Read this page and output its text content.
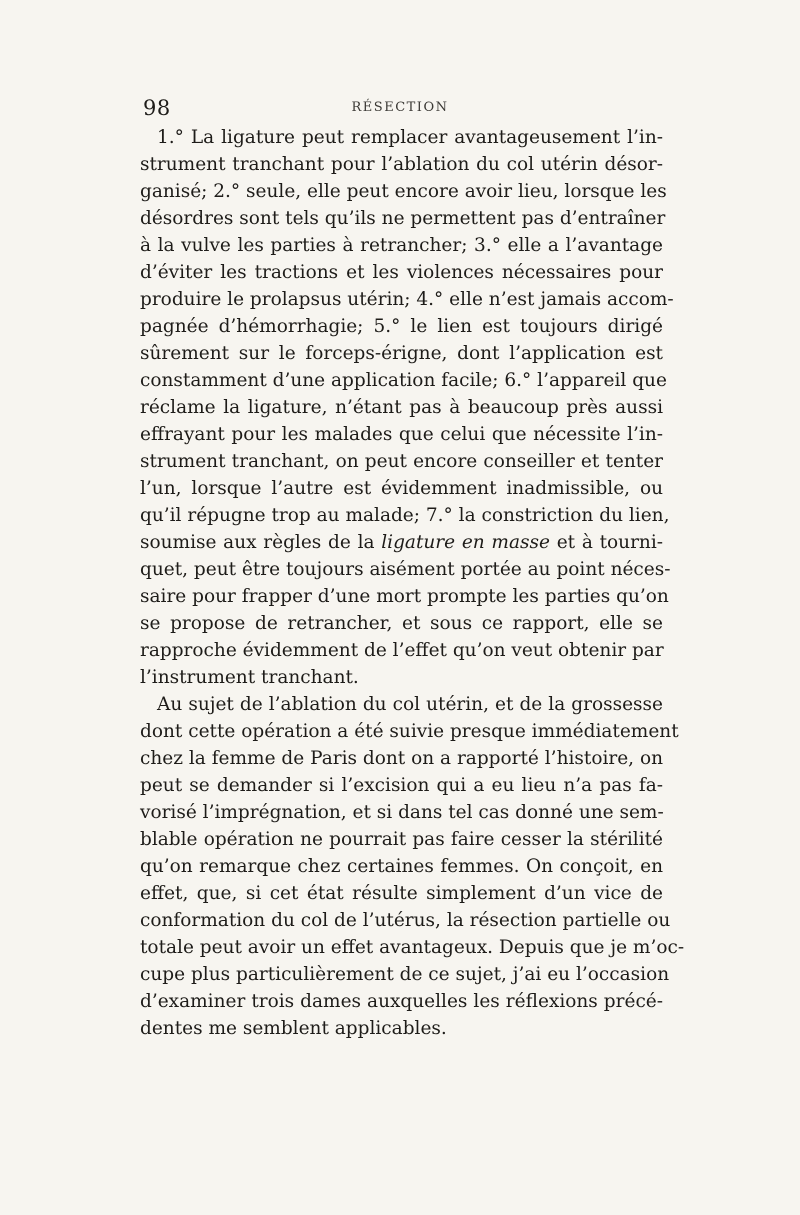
98	RÉSECTION
1.° La ligature peut remplacer avantageusement l’in-
strument tranchant pour l’ablation du col utérin désor-
ganisé; 2.° seule, elle peut encore avoir lieu, lorsque les
désordres sont tels qu’ils ne permettent pas d’entraîner
à la vulve les parties à retrancher; 3.° elle a l’avantage
d’éviter les tractions et les violences nécessaires pour
produire le prolapsus utérin; 4.° elle n’est jamais accom-
pagnée d’hémorrhagie; 5.° le lien est toujours dirigé
sûrement sur le forceps-érigne, dont l’application est
constamment d’une application facile; 6.° l’appareil que
réclame la ligature, n’étant pas à beaucoup près aussi
effrayant pour les malades que celui que nécessite l’in-
strument tranchant, on peut encore conseiller et tenter
l’un, lorsque l’autre est évidemment inadmissible, ou
qu’il répugne trop au malade; 7.° la constriction du lien,
soumise aux règles de la ligature en masse et à tourni-
quet, peut être toujours aisément portée au point néces-
saire pour frapper d’une mort prompte les parties qu’on
se propose de retrancher, et sous ce rapport, elle se
rapproche évidemment de l’effet qu’on veut obtenir par
l’instrument tranchant.
Au sujet de l’ablation du col utérin, et de la grossesse
dont cette opération a été suivie presque immédiatement
chez la femme de Paris dont on a rapporté l’histoire, on
peut se demander si l’excision qui a eu lieu n’a pas fa-
vorisé l’imprégnation, et si dans tel cas donné une sem-
blable opération ne pourrait pas faire cesser la stérilité
qu’on remarque chez certaines femmes. On conçoit, en
effet, que, si cet état résulte simplement d’un vice de
conformation du col de l’utérus, la résection partielle ou
totale peut avoir un effet avantageux. Depuis que je m’oc-
cupe plus particulièrement de ce sujet, j’ai eu l’occasion
d’examiner trois dames auxquelles les réflexions précé-
dentes me semblent applicables.
